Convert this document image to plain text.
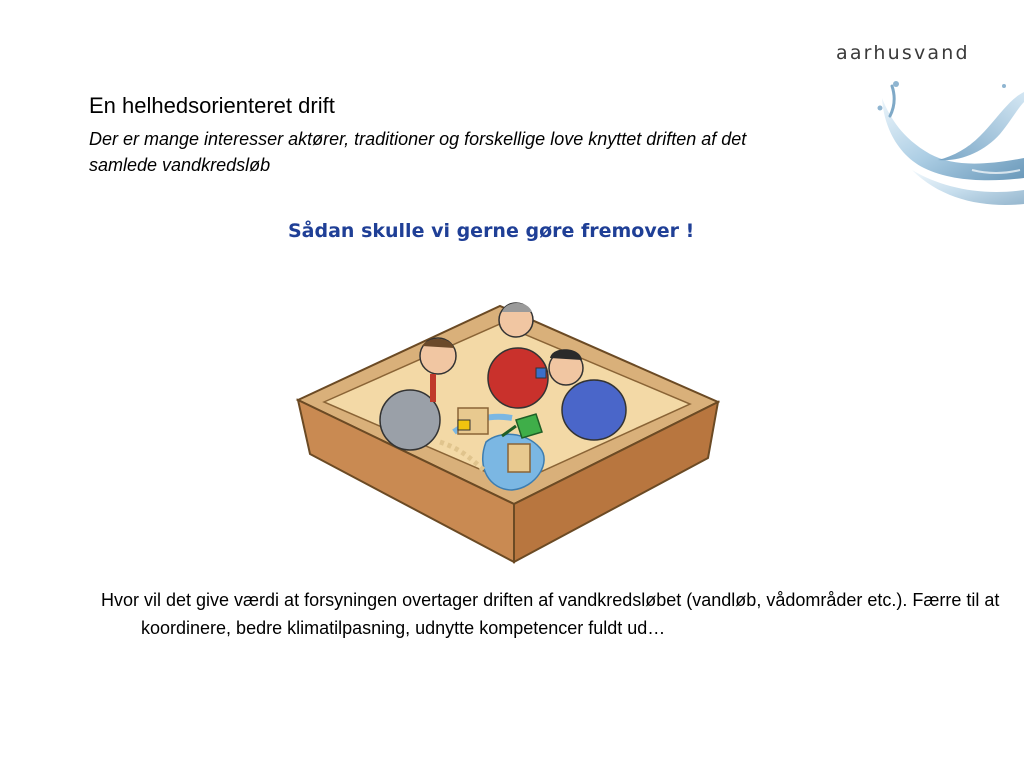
aarhusvand
En helhedsorienteret drift
Der er mange interesser aktører, traditioner og forskellige love knyttet driften af det samlede vandkredsløb
Sådan skulle vi gerne gøre fremover !
Hvor vil det give værdi at forsyningen overtager driften af vandkredsløbet (vandløb, vådområder etc.). Færre til at koordinere, bedre klimatilpasning, udnytte kompetencer fuldt ud…
